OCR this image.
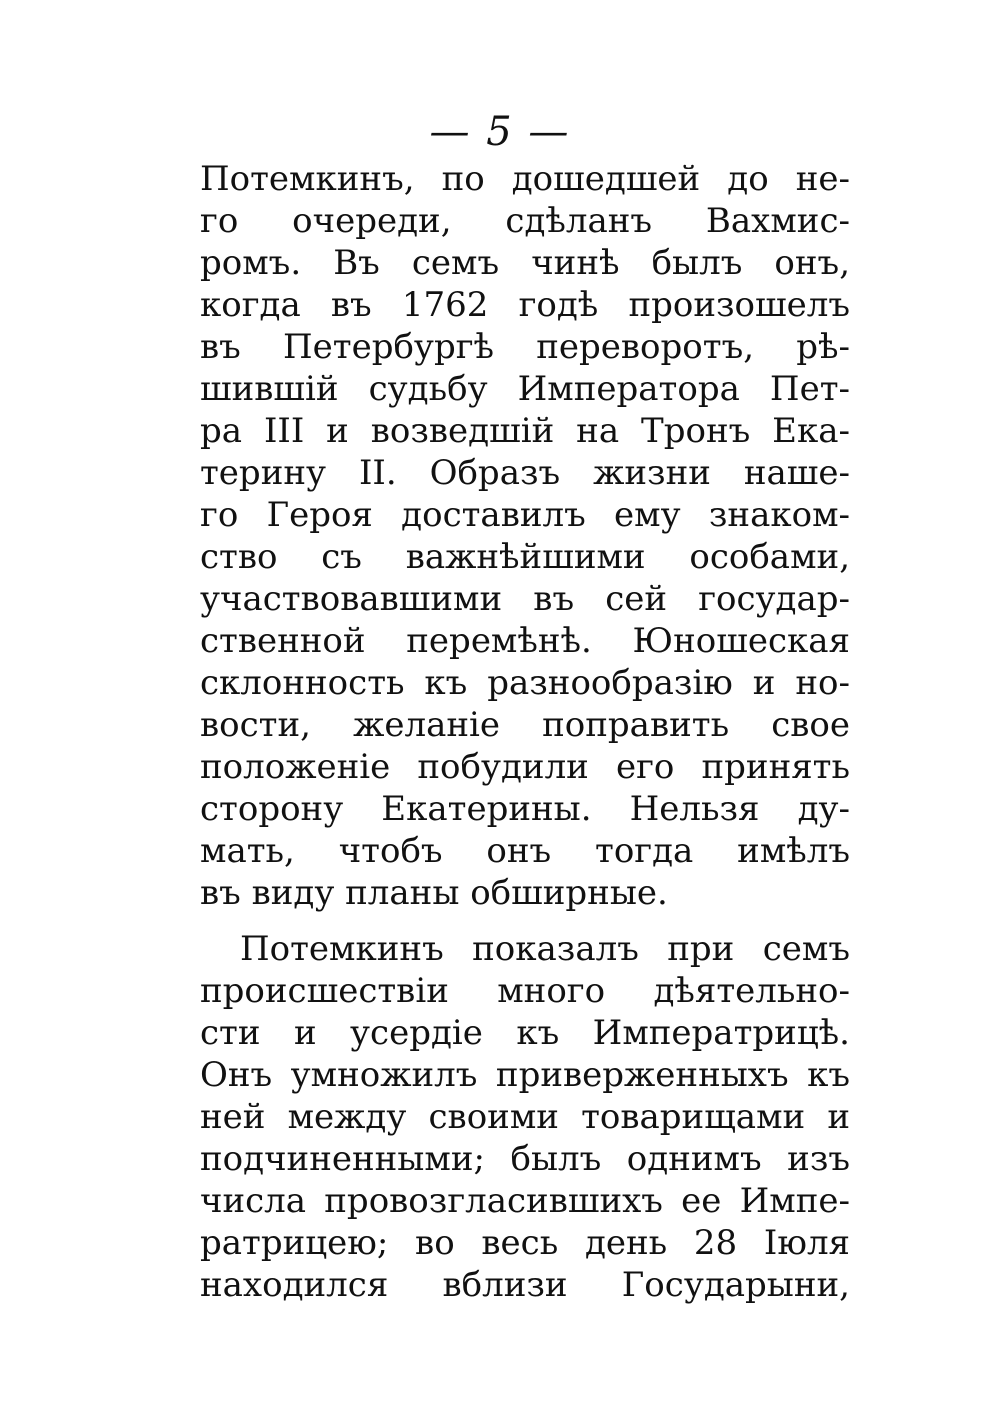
— 5 —
Потемкинъ, по дошедшей до не-
го очереди, сдѣланъ Вахмис-
ромъ. Въ семъ чинѣ былъ онъ,
когда въ 1762 годѣ произошелъ
въ Петербургѣ переворотъ, рѣ-
шившій судьбу Императора Пет-
ра III и возведшій на Тронъ Ека-
терину II. Образъ жизни наше-
го Героя доставилъ ему знаком-
ство съ важнѣйшими особами,
участвовавшими въ сей государ-
ственной перемѣнѣ. Юношеская
склонность къ разнообразію и но-
вости, желаніе поправить свое
положеніе побудили его принять
сторону Екатерины. Нельзя ду-
мать, чтобъ онъ тогда имѣлъ
въ виду планы обширные.
Потемкинъ показалъ при семъ
происшествіи много дѣятельно-
сти и усердіе къ Императрицѣ.
Онъ умножилъ приверженныхъ къ
ней между своими товарищами и
подчиненными; былъ однимъ изъ
числа провозгласившихъ ее Импе-
ратрицею; во весь день 28 Іюля
находился вблизи Государыни,
